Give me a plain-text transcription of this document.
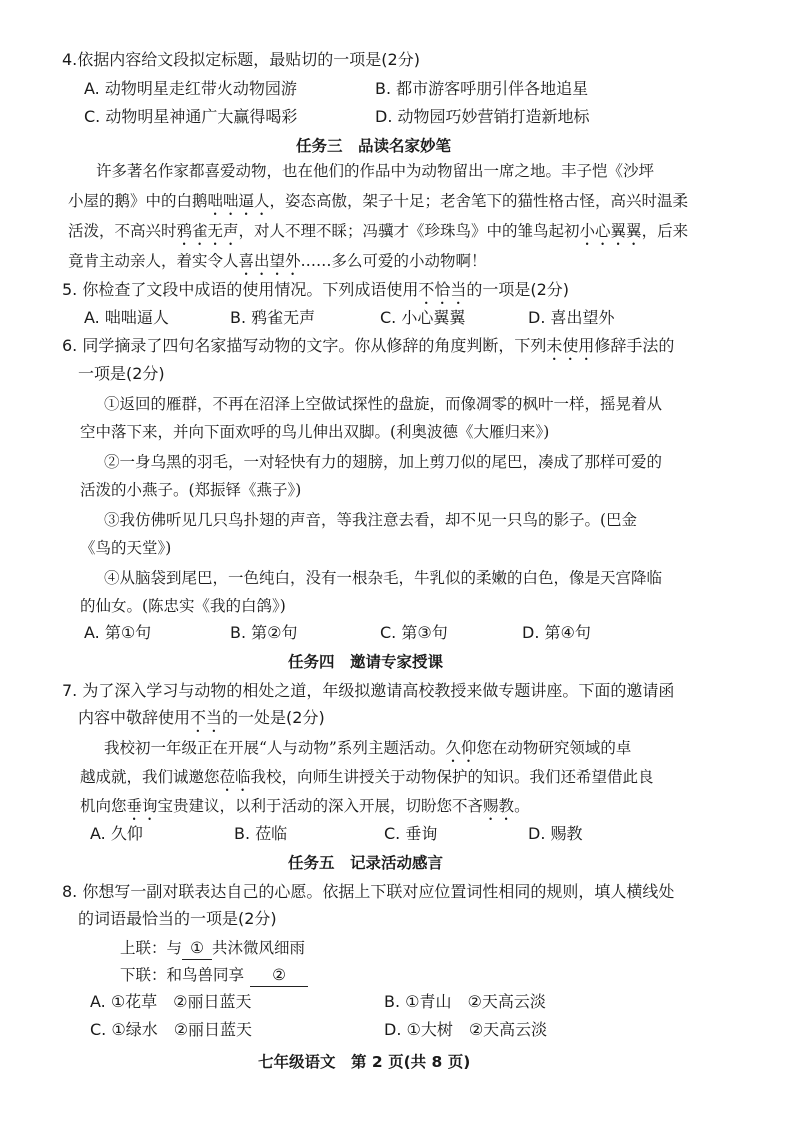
4.依据内容给文段拟定标题，最贴切的一项是(2分)
A. 动物明星走红带火动物园游	B. 都市游客呼朋引伴各地追星
C. 动物明星神通广大赢得喝彩	D. 动物园巧妙营销打造新地标
任务三　品读名家妙笔
许多著名作家都喜爱动物，也在他们的作品中为动物留出一席之地。丰子恺《沙坪
小屋的鹅》中的白鹅咄咄逼人，姿态高傲，架子十足；老舍笔下的猫性格古怪，高兴时温柔
活泼，不高兴时鸦雀无声，对人不理不睬；冯骥才《珍珠鸟》中的雏鸟起初小心翼翼，后来
竟肯主动亲人，着实令人喜出望外……多么可爱的小动物啊！
5. 你检查了文段中成语的使用情况。下列成语使用不恰当的一项是(2分)
A. 咄咄逼人	B. 鸦雀无声	C. 小心翼翼	D. 喜出望外
6. 同学摘录了四句名家描写动物的文字。你从修辞的角度判断，下列未使用修辞手法的
一项是(2分)
①返回的雁群，不再在沼泽上空做试探性的盘旋，而像凋零的枫叶一样，摇晃着从
空中落下来，并向下面欢呼的鸟儿伸出双脚。(利奥波德《大雁归来》)
②一身乌黑的羽毛，一对轻快有力的翅膀，加上剪刀似的尾巴，凑成了那样可爱的
活泼的小燕子。(郑振铎《燕子》)
③我仿佛听见几只鸟扑翅的声音，等我注意去看，却不见一只鸟的影子。(巴金
《鸟的天堂》)
④从脑袋到尾巴，一色纯白，没有一根杂毛，牛乳似的柔嫩的白色，像是天宫降临
的仙女。(陈忠实《我的白鸽》)
A. 第①句	B. 第②句	C. 第③句	D. 第④句
任务四　邀请专家授课
7. 为了深入学习与动物的相处之道，年级拟邀请高校教授来做专题讲座。下面的邀请函
内容中敬辞使用不当的一处是(2分)
我校初一年级正在开展“人与动物”系列主题活动。久仰您在动物研究领域的卓
越成就，我们诚邀您莅临我校，向师生讲授关于动物保护的知识。我们还希望借此良
机向您垂询宝贵建议，以利于活动的深入开展，切盼您不吝赐教。
A. 久仰	B. 莅临	C. 垂询	D. 赐教
任务五　记录活动感言
8. 你想写一副对联表达自己的心愿。依据上下联对应位置词性相同的规则，填人横线处
的词语最恰当的一项是(2分)
上联：与 ① 共沐微风细雨
下联：和鸟兽同享 ②
A. ①花草　②丽日蓝天	B. ①青山　②天高云淡
C. ①绿水　②丽日蓝天	D. ①大树　②天高云淡
七年级语文　第 2 页(共 8 页)
